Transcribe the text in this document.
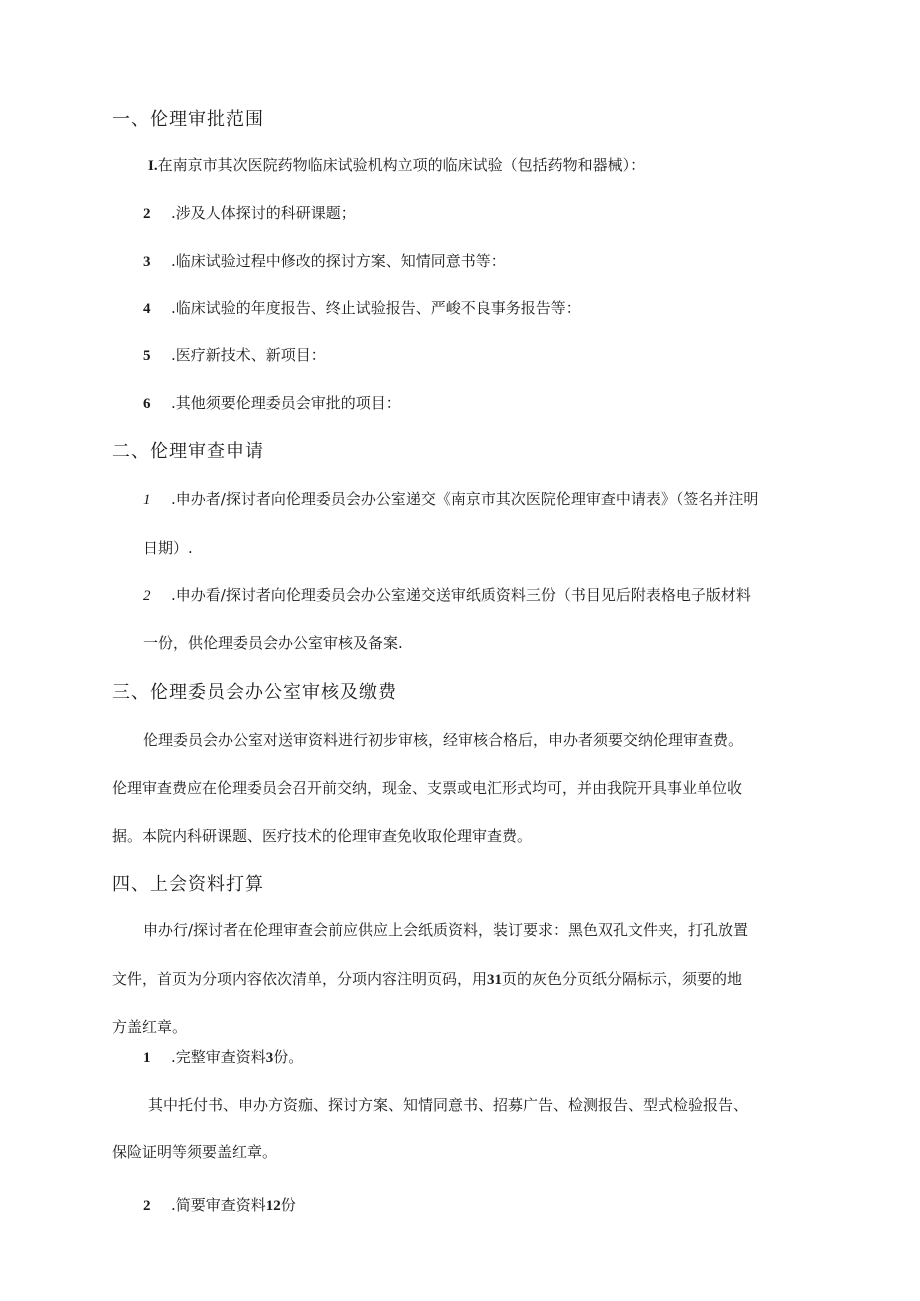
一、伦理审批范围
I.在南京市其次医院药物临床试验机构立项的临床试验（包括药物和器械）：
2 .涉及人体探讨的科研课题；
3 .临床试验过程中修改的探讨方案、知情同意书等：
4 .临床试验的年度报告、终止试验报告、严峻不良事务报告等：
5 .医疗新技术、新项目：
6 .其他须要伦理委员会审批的项目：
二、伦理审查申请
1 .申办者/探讨者向伦理委员会办公室递交《南京市其次医院伦理审查中请表》（签名并注明
日期）.
2 .申办看/探讨者向伦理委员会办公室递交送审纸质资料三份（书目见后附表格电子版材料
一份，供伦理委员会办公室审核及备案.
三、伦理委员会办公室审核及缴费
伦理委员会办公室对送审资料进行初步审核，经审核合格后，申办者须要交纳伦理审查费。
伦理审查费应在伦理委员会召开前交纳，现金、支票或电汇形式均可，并由我院开具事业单位收
据。本院内科研课题、医疗技术的伦理审查免收取伦理审查费。
四、上会资料打算
申办行/探讨者在伦理审查会前应供应上会纸质资料，装订要求：黑色双孔文件夹，打孔放置
文件，首页为分项内容依次清单，分项内容注明页码，用31页的灰色分页纸分隔标示，须要的地
方盖红章。
1 .完整审查资料3份。
其中托付书、申办方资痂、探讨方案、知情同意书、招募广告、检测报告、型式检验报告、
保险证明等须要盖红章。
2 .简要审查资料12份
